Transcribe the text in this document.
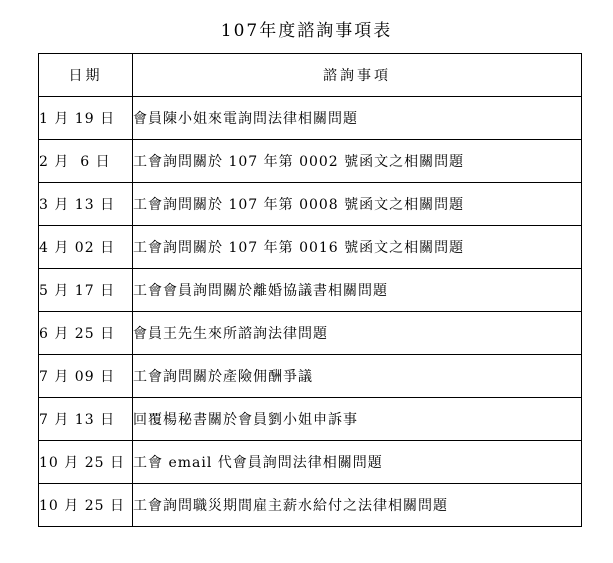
107年度諮詢事項表
日期	諮詢事項
1 月 19 日	會員陳小姐來電詢問法律相關問題
2 月  6 日	工會詢問關於 107 年第 0002 號函文之相關問題
3 月 13 日	工會詢問關於 107 年第 0008 號函文之相關問題
4 月 02 日	工會詢問關於 107 年第 0016 號函文之相關問題
5 月 17 日	工會會員詢問關於離婚協議書相關問題
6 月 25 日	會員王先生來所諮詢法律問題
7 月 09 日	工會詢問關於產險佣酬爭議
7 月 13 日	回覆楊秘書關於會員劉小姐申訴事
10 月 25 日	工會 email 代會員詢問法律相關問題
10 月 25 日	工會詢問職災期間雇主薪水給付之法律相關問題
